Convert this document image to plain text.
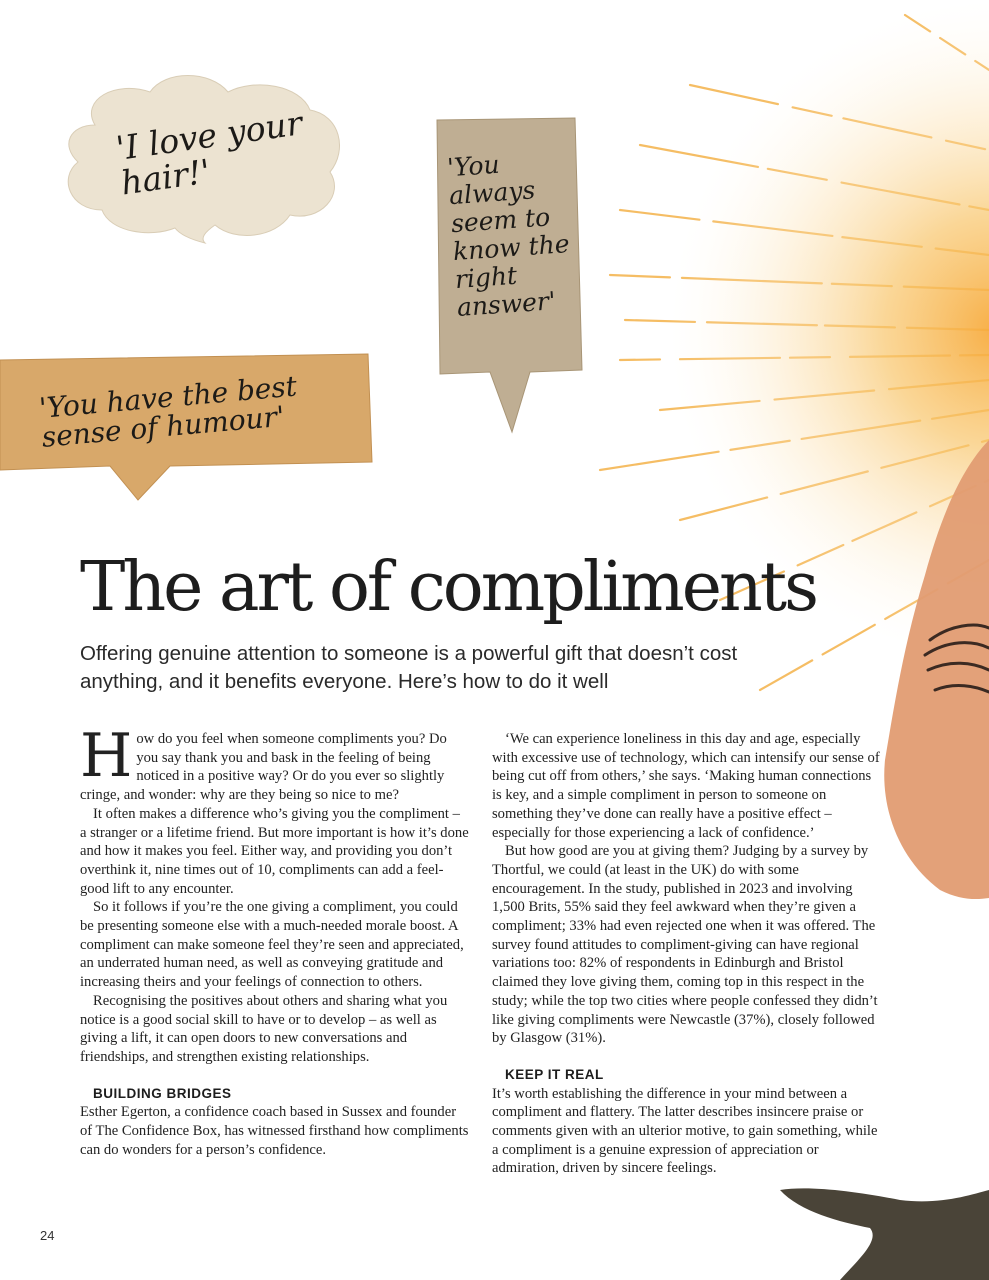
'I love your hair!'	'You always seem to know the right answer'
'You have the best sense of humour'
The art of compliments

Offering genuine attention to someone is a powerful gift that doesn’t cost anything, and it benefits everyone. Here’s how to do it well

How do you feel when someone compliments you? Do you say thank you and bask in the feeling of being noticed in a positive way? Or do you ever so slightly cringe, and wonder: why are they being so nice to me?

It often makes a difference who’s giving you the compliment – a stranger or a lifetime friend. But more important is how it’s done and how it makes you feel. Either way, and providing you don’t overthink it, nine times out of 10, compliments can add a feel-good lift to any encounter.

So it follows if you’re the one giving a compliment, you could be presenting someone else with a much-needed morale boost. A compliment can make someone feel they’re seen and appreciated, an underrated human need, as well as conveying gratitude and increasing theirs and your feelings of connection to others.

Recognising the positives about others and sharing what you notice is a good social skill to have or to develop – as well as giving a lift, it can open doors to new conversations and friendships, and strengthen existing relationships.

BUILDING BRIDGES

Esther Egerton, a confidence coach based in Sussex and founder of The Confidence Box, has witnessed firsthand how compliments can do wonders for a person’s confidence.

‘We can experience loneliness in this day and age, especially with excessive use of technology, which can intensify our sense of being cut off from others,’ she says. ‘Making human connections is key, and a simple compliment in person to someone on something they’ve done can really have a positive effect – especially for those experiencing a lack of confidence.’

But how good are you at giving them? Judging by a survey by Thortful, we could (at least in the UK) do with some encouragement. In the study, published in 2023 and involving 1,500 Brits, 55% said they feel awkward when they’re given a compliment; 33% had even rejected one when it was offered. The survey found attitudes to compliment-giving can have regional variations too: 82% of respondents in Edinburgh and Bristol claimed they love giving them, coming top in this respect in the study; while the top two cities where people confessed they didn’t like giving compliments were Newcastle (37%), closely followed by Glasgow (31%).

KEEP IT REAL

It’s worth establishing the difference in your mind between a compliment and flattery. The latter describes insincere praise or comments given with an ulterior motive, to gain something, while a compliment is a genuine expression of appreciation or admiration, driven by sincere feelings.

24
